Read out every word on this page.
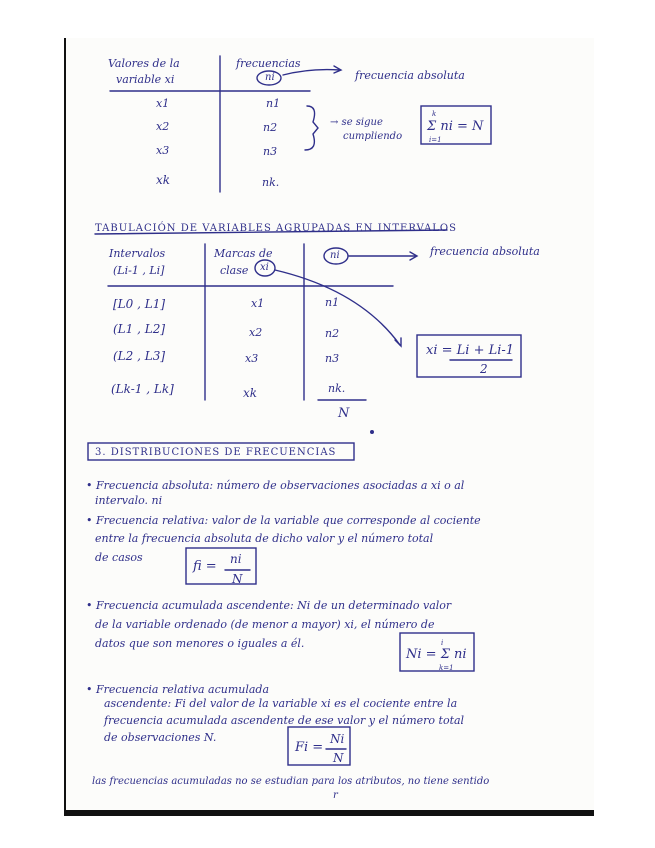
Valores de la
variable xi
frecuencias
ni	frecuencia absoluta
x1	n1
x2	n2
x3	n3
xk	nk.
→ se sigue
cumpliendo
k
Σ ni = N
i=1
TABULACIÓN DE VARIABLES AGRUPADAS EN INTERVALOS
Intervalos
(Li-1 , Li]
Marcas de
clase xi
ni	frecuencia absoluta
[L0 , L1]	x1	n1
(L1 , L2]	x2	n2
(L2 , L3]	x3	n3
(Lk-1 , Lk]	xk	nk.
N
xi = Li + Li-1
2
3. DISTRIBUCIONES DE FRECUENCIAS
• Frecuencia absoluta: número de observaciones asociadas a xi o al
intervalo. ni
• Frecuencia relativa: valor de la variable que corresponde al cociente
entre la frecuencia absoluta de dicho valor y el número total
de casos
fi = ni
N
• Frecuencia acumulada ascendente: Ni de un determinado valor
de la variable ordenado (de menor a mayor) xi, el número de
datos que son menores o iguales a él.	i
Ni = Σ ni
k=1
• Frecuencia relativa acumulada
ascendente: Fi del valor de la variable xi es el cociente entre la
frecuencia acumulada ascendente de ese valor y el número total
de observaciones N.
Fi =
Ni
N
las frecuencias acumuladas no se estudian para los atributos, no tiene sentido
r
